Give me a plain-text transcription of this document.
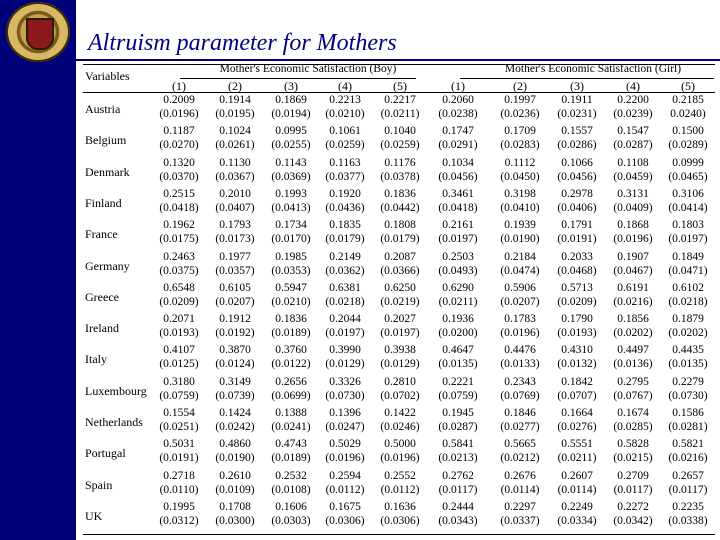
Altruism parameter for Mothers
Variables	Mother's Economic Satisfaction (Boy)	Mother's Economic Satisfaction (Girl)
(1)	(2)	(3)	(4)	(5)	(1)	(2)	(3)	(4)	(5)
Austria
0.2009	0.1914	0.1869	0.2213	0.2217	0.2060	0.1997	0.1911	0.2200	0.2185
(0.0196)	(0.0195)	(0.0194)	(0.0210)	(0.0211)	(0.0238)	(0.0236)	(0.0231)	(0.0239)	0.0240)
Belgium
0.1187	0.1024	0.0995	0.1061	0.1040	0.1747	0.1709	0.1557	0.1547	0.1500
(0.0270)	(0.0261)	(0.0255)	(0.0259)	(0.0259)	(0.0291)	(0.0283)	(0.0286)	(0.0287)	(0.0289)
Denmark
0.1320	0.1130	0.1143	0.1163	0.1176	0.1034	0.1112	0.1066	0.1108	0.0999
(0.0370)	(0.0367)	(0.0369)	(0.0377)	(0.0378)	(0.0456)	(0.0450)	(0.0456)	(0.0459)	(0.0465)
Finland
0.2515	0.2010	0.1993	0.1920	0.1836	0.3461	0.3198	0.2978	0.3131	0.3106
(0.0418)	(0.0407)	(0.0413)	(0.0436)	(0.0442)	(0.0418)	(0.0410)	(0.0406)	(0.0409)	(0.0414)
France
0.1962	0.1793	0.1734	0.1835	0.1808	0.2161	0.1939	0.1791	0.1868	0.1803
(0.0175)	(0.0173)	(0.0170)	(0.0179)	(0.0179)	(0.0197)	(0.0190)	(0.0191)	(0.0196)	(0.0197)
Germany
0.2463	0.1977	0.1985	0.2149	0.2087	0.2503	0.2184	0.2033	0.1907	0.1849
(0.0375)	(0.0357)	(0.0353)	(0.0362)	(0.0366)	(0.0493)	(0.0474)	(0.0468)	(0.0467)	(0.0471)
Greece
0.6548	0.6105	0.5947	0.6381	0.6250	0.6290	0.5906	0.5713	0.6191	0.6102
(0.0209)	(0.0207)	(0.0210)	(0.0218)	(0.0219)	(0.0211)	(0.0207)	(0.0209)	(0.0216)	(0.0218)
Ireland
0.2071	0.1912	0.1836	0.2044	0.2027	0.1936	0.1783	0.1790	0.1856	0.1879
(0.0193)	(0.0192)	(0.0189)	(0.0197)	(0.0197)	(0.0200)	(0.0196)	(0.0193)	(0.0202)	(0.0202)
Italy
0.4107	0.3870	0.3760	0.3990	0.3938	0.4647	0.4476	0.4310	0.4497	0.4435
(0.0125)	(0.0124)	(0.0122)	(0.0129)	(0.0129)	(0.0135)	(0.0133)	(0.0132)	(0.0136)	(0.0135)
Luxembourg
0.3180	0.3149	0.2656	0.3326	0.2810	0.2221	0.2343	0.1842	0.2795	0.2279
(0.0759)	(0.0739)	(0.0699)	(0.0730)	(0.0702)	(0.0759)	(0.0769)	(0.0707)	(0.0767)	(0.0730)
Netherlands
0.1554	0.1424	0.1388	0.1396	0.1422	0.1945	0.1846	0.1664	0.1674	0.1586
(0.0251)	(0.0242)	(0.0241)	(0.0247)	(0.0246)	(0.0287)	(0.0277)	(0.0276)	(0.0285)	(0.0281)
Portugal
0.5031	0.4860	0.4743	0.5029	0.5000	0.5841	0.5665	0.5551	0.5828	0.5821
(0.0191)	(0.0190)	(0.0189)	(0.0196)	(0.0196)	(0.0213)	(0.0212)	(0.0211)	(0.0215)	(0.0216)
Spain
0.2718	0.2610	0.2532	0.2594	0.2552	0.2762	0.2676	0.2607	0.2709	0.2657
(0.0110)	(0.0109)	(0.0108)	(0.0112)	(0.0112)	(0.0117)	(0.0114)	(0.0114)	(0.0117)	(0.0117)
UK
0.1995	0.1708	0.1606	0.1675	0.1636	0.2444	0.2297	0.2249	0.2272	0.2235
(0.0312)	(0.0300)	(0.0303)	(0.0306)	(0.0306)	(0.0343)	(0.0337)	(0.0334)	(0.0342)	(0.0338)
